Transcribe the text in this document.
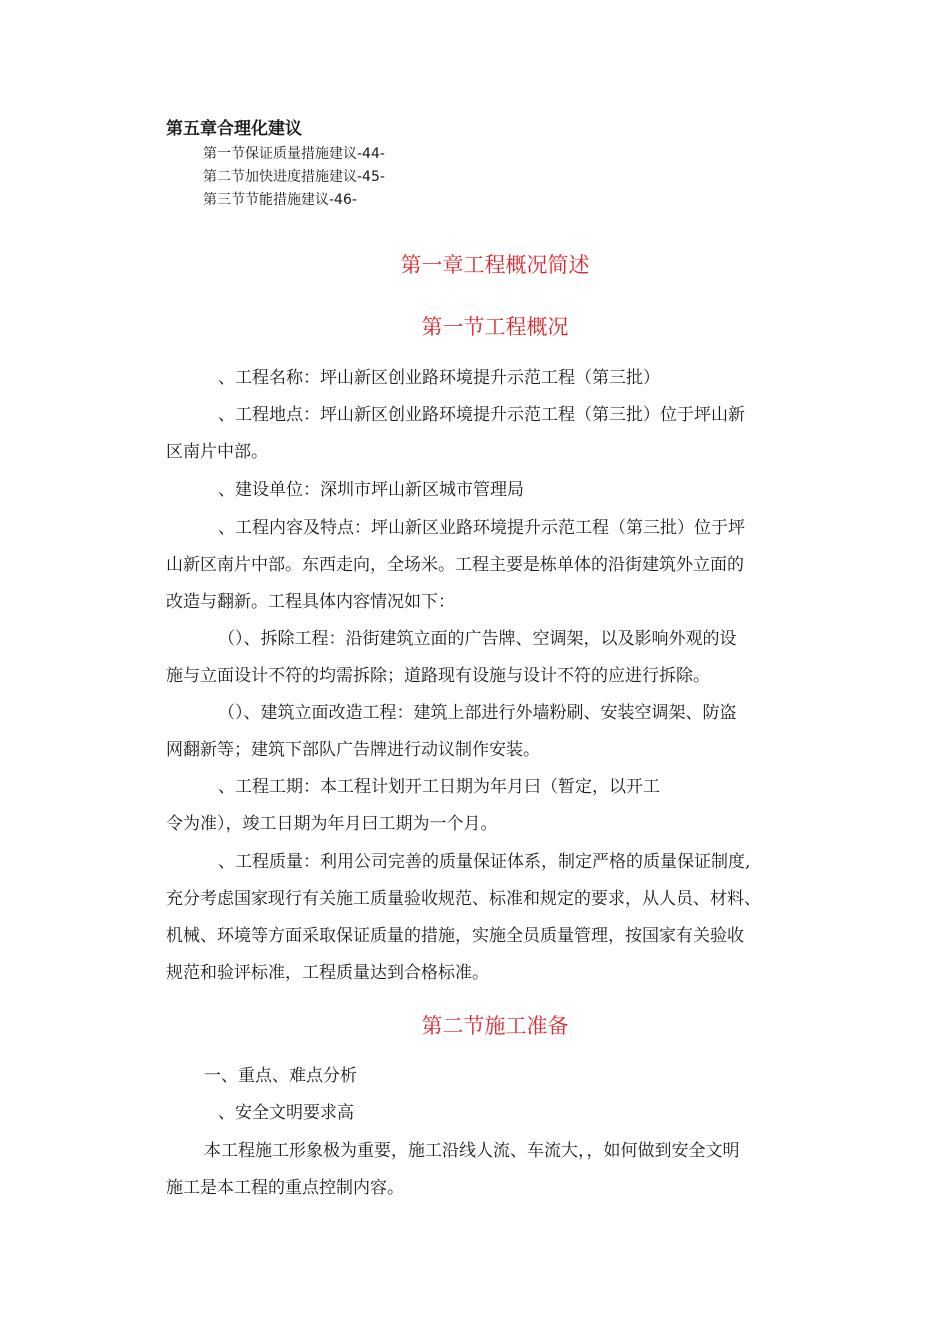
第五章合理化建议
第一节保证质量措施建议-44-
第二节加快进度措施建议-45-
第三节节能措施建议-46-
第一章工程概况简述
第一节工程概况
、工程名称：坪山新区创业路环境提升示范工程（第三批）
、工程地点：坪山新区创业路环境提升示范工程（第三批）位于坪山新
区南片中部。
、建设单位：深圳市坪山新区城市管理局
、工程内容及特点：坪山新区业路环境提升示范工程（第三批）位于坪
山新区南片中部。东西走向，全场米。工程主要是栋单体的沿街建筑外立面的
改造与翻新。工程具体内容情况如下：
（）、拆除工程：沿街建筑立面的广告牌、空调架，以及影响外观的设
施与立面设计不符的均需拆除；道路现有设施与设计不符的应进行拆除。
（）、建筑立面改造工程：建筑上部进行外墙粉刷、安装空调架、防盗
网翻新等；建筑下部队广告牌进行动议制作安装。
、工程工期：本工程计划开工日期为年月曰（暂定，以开工
令为准），竣工日期为年月曰工期为一个月。
、工程质量：利用公司完善的质量保证体系，制定严格的质量保证制度,
充分考虑国家现行有关施工质量验收规范、标准和规定的要求，从人员、材料、
机械、环境等方面采取保证质量的措施，实施全员质量管理，按国家有关验收
规范和验评标准，工程质量达到合格标准。
第二节施工准备
一、重点、难点分析
、安全文明要求高
本工程施工形象极为重要，施工沿线人流、车流大，，如何做到安全文明
施工是本工程的重点控制内容。
